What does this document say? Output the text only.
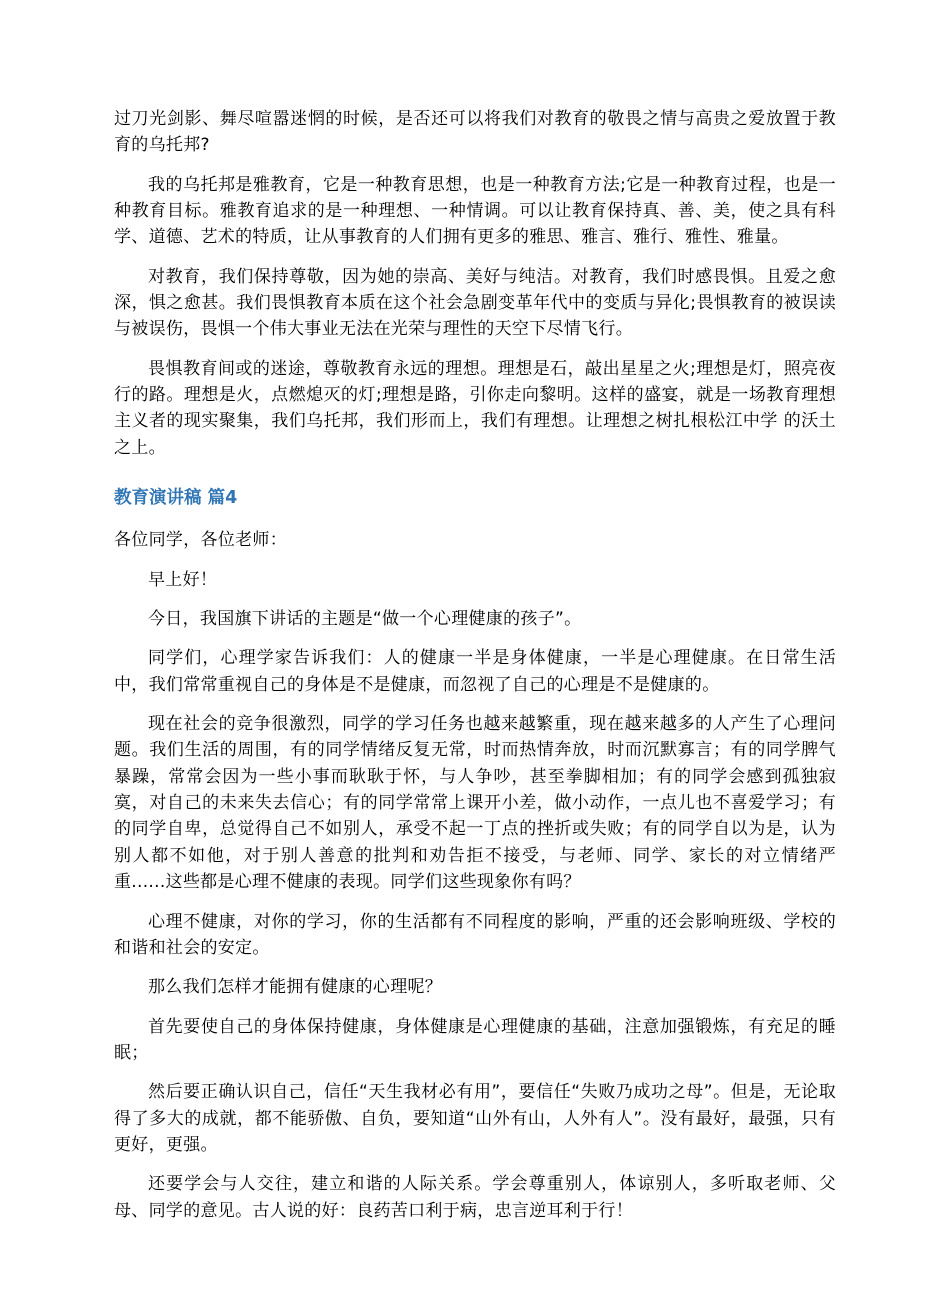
过刀光剑影、舞尽喧嚣迷惘的时候，是否还可以将我们对教育的敬畏之情与高贵之爱放置于教育的乌托邦?

我的乌托邦是雅教育，它是一种教育思想，也是一种教育方法;它是一种教育过程，也是一种教育目标。雅教育追求的是一种理想、一种情调。可以让教育保持真、善、美，使之具有科学、道德、艺术的特质，让从事教育的人们拥有更多的雅思、雅言、雅行、雅性、雅量。

对教育，我们保持尊敬，因为她的崇高、美好与纯洁。对教育，我们时感畏惧。且爱之愈深，惧之愈甚。我们畏惧教育本质在这个社会急剧变革年代中的变质与异化;畏惧教育的被误读与被误伤，畏惧一个伟大事业无法在光荣与理性的天空下尽情飞行。

畏惧教育间或的迷途，尊敬教育永远的理想。理想是石，敲出星星之火;理想是灯，照亮夜行的路。理想是火，点燃熄灭的灯;理想是路，引你走向黎明。这样的盛宴，就是一场教育理想主义者的现实聚集，我们乌托邦，我们形而上，我们有理想。让理想之树扎根松江中学 的沃土之上。

教育演讲稿 篇4

各位同学，各位老师：

早上好！

今日，我国旗下讲话的主题是“做一个心理健康的孩子”。

同学们，心理学家告诉我们：人的健康一半是身体健康，一半是心理健康。在日常生活中，我们常常重视自己的身体是不是健康，而忽视了自己的心理是不是健康的。

现在社会的竞争很激烈，同学的学习任务也越来越繁重，现在越来越多的人产生了心理问题。我们生活的周围，有的同学情绪反复无常，时而热情奔放，时而沉默寡言；有的同学脾气暴躁，常常会因为一些小事而耿耿于怀，与人争吵，甚至拳脚相加；有的同学会感到孤独寂寞，对自己的未来失去信心；有的同学常常上课开小差，做小动作，一点儿也不喜爱学习；有的同学自卑，总觉得自己不如别人，承受不起一丁点的挫折或失败；有的同学自以为是，认为别人都不如他，对于别人善意的批判和劝告拒不接受，与老师、同学、家长的对立情绪严重......这些都是心理不健康的表现。同学们这些现象你有吗？

心理不健康，对你的学习，你的生活都有不同程度的影响，严重的还会影响班级、学校的和谐和社会的安定。

那么我们怎样才能拥有健康的心理呢？

首先要使自己的身体保持健康，身体健康是心理健康的基础，注意加强锻炼，有充足的睡眠；

然后要正确认识自己，信任“天生我材必有用”，要信任“失败乃成功之母”。但是，无论取得了多大的成就，都不能骄傲、自负，要知道“山外有山，人外有人”。没有最好，最强，只有更好，更强。

还要学会与人交往，建立和谐的人际关系。学会尊重别人，体谅别人，多听取老师、父母、同学的意见。古人说的好：良药苦口利于病，忠言逆耳利于行！
